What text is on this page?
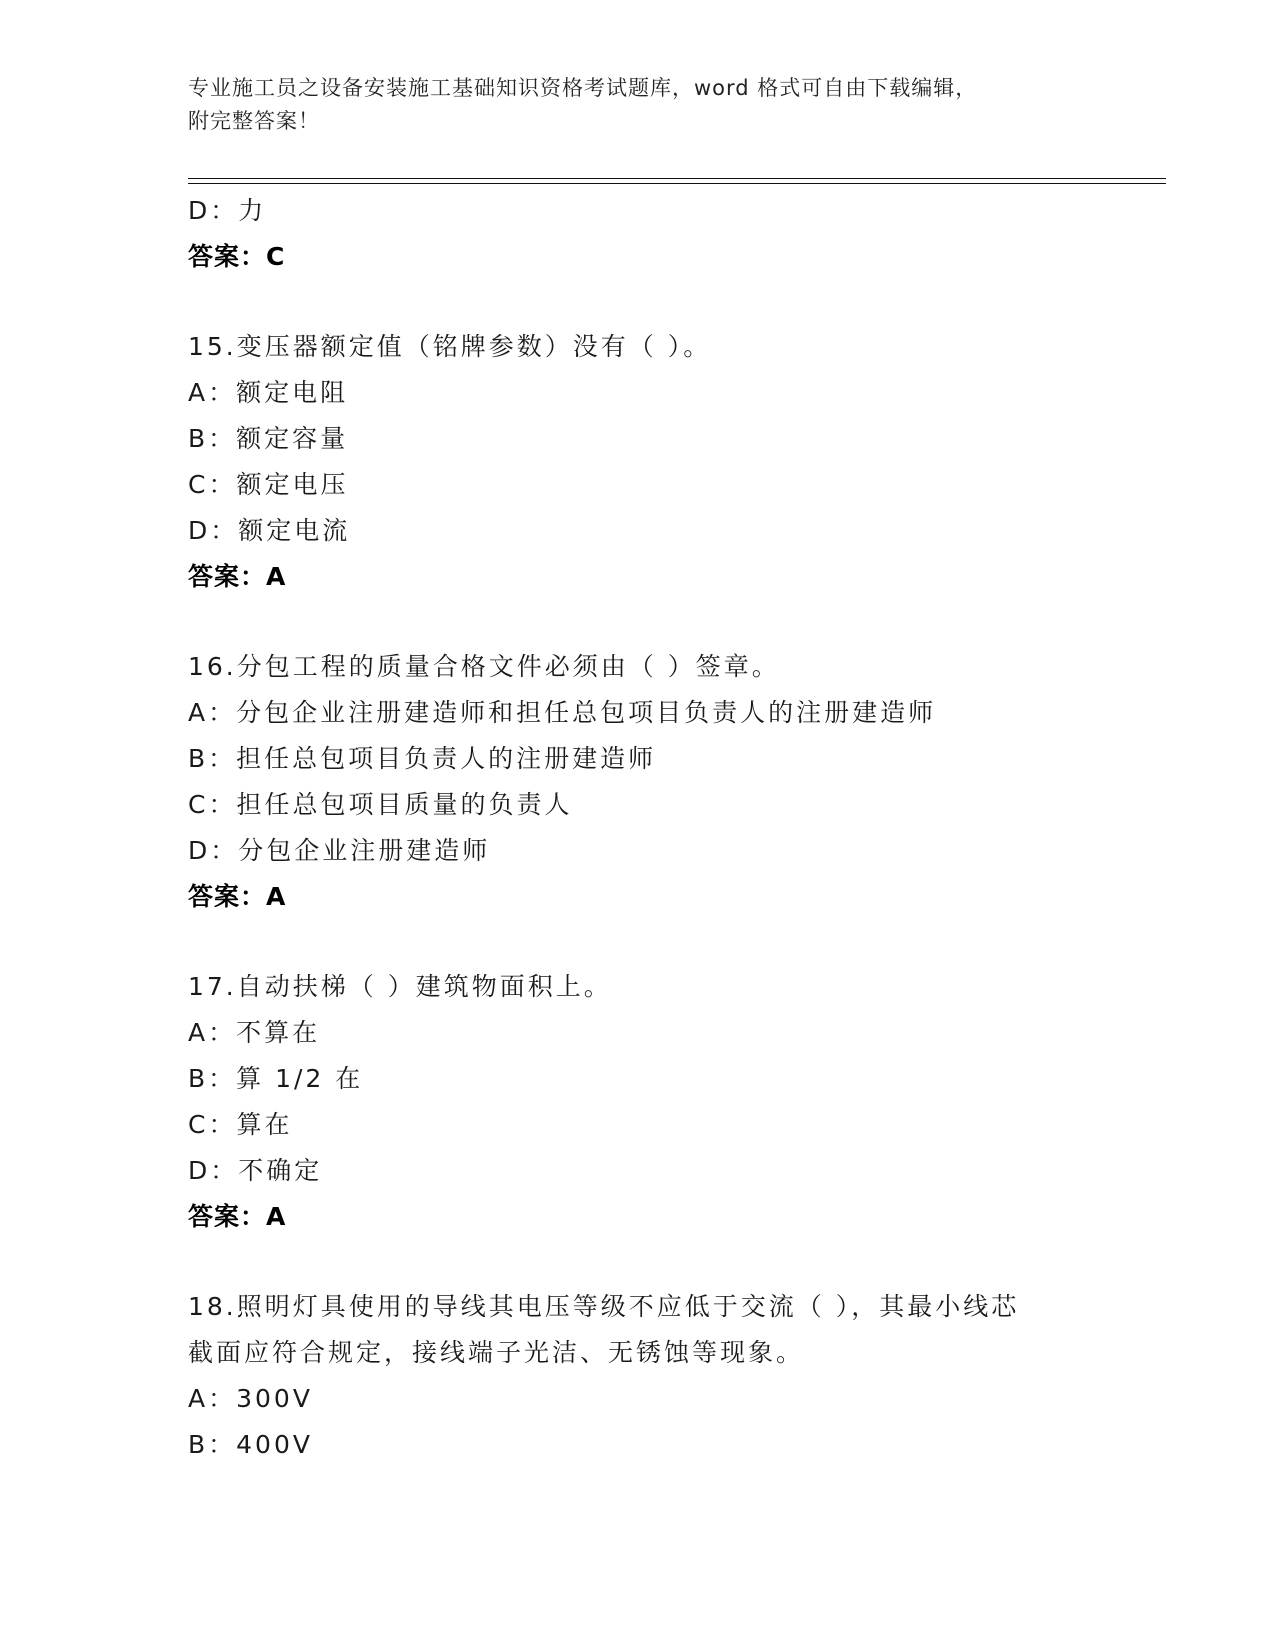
专业施工员之设备安装施工基础知识资格考试题库，word 格式可自由下载编辑，
附完整答案！
D：力
答案：C
15.变压器额定值（铭牌参数）没有（ ）。
A：额定电阻
B：额定容量
C：额定电压
D：额定电流
答案：A
16.分包工程的质量合格文件必须由（ ）签章。
A：分包企业注册建造师和担任总包项目负责人的注册建造师
B：担任总包项目负责人的注册建造师
C：担任总包项目质量的负责人
D：分包企业注册建造师
答案：A
17.自动扶梯（ ）建筑物面积上。
A：不算在
B：算 1/2 在
C：算在
D：不确定
答案：A
18.照明灯具使用的导线其电压等级不应低于交流（ ），其最小线芯
截面应符合规定，接线端子光洁、无锈蚀等现象。
A：300V
B：400V
